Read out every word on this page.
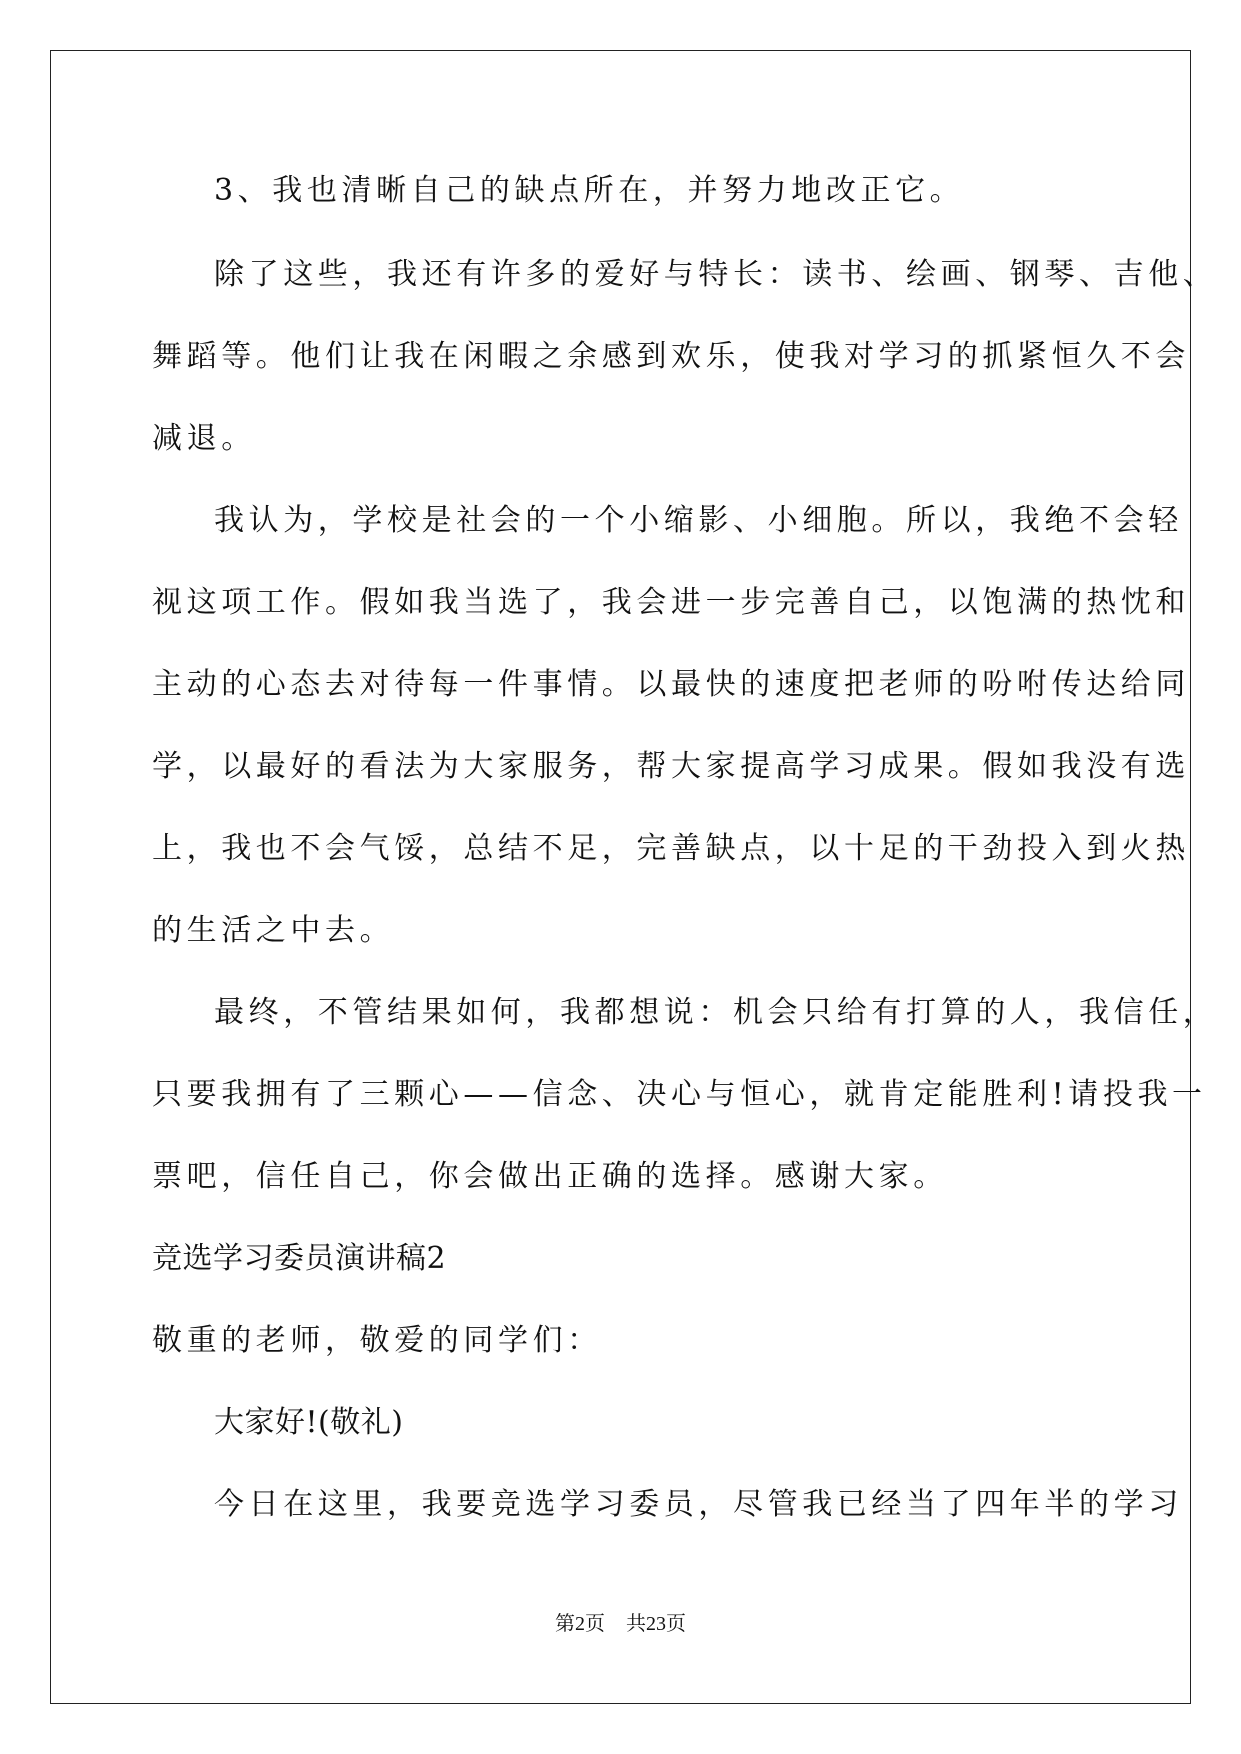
3、我也清晰自己的缺点所在，并努力地改正它。
除了这些，我还有许多的爱好与特长：读书、绘画、钢琴、吉他、
舞蹈等。他们让我在闲暇之余感到欢乐，使我对学习的抓紧恒久不会
减退。
我认为，学校是社会的一个小缩影、小细胞。所以，我绝不会轻
视这项工作。假如我当选了，我会进一步完善自己，以饱满的热忱和
主动的心态去对待每一件事情。以最快的速度把老师的吩咐传达给同
学，以最好的看法为大家服务，帮大家提高学习成果。假如我没有选
上，我也不会气馁，总结不足，完善缺点，以十足的干劲投入到火热
的生活之中去。
最终，不管结果如何，我都想说：机会只给有打算的人，我信任，
只要我拥有了三颗心——信念、决心与恒心，就肯定能胜利!请投我一
票吧，信任自己，你会做出正确的选择。感谢大家。
竞选学习委员演讲稿2
敬重的老师，敬爱的同学们：
大家好!(敬礼)
今日在这里，我要竞选学习委员，尽管我已经当了四年半的学习
第2页 共23页
